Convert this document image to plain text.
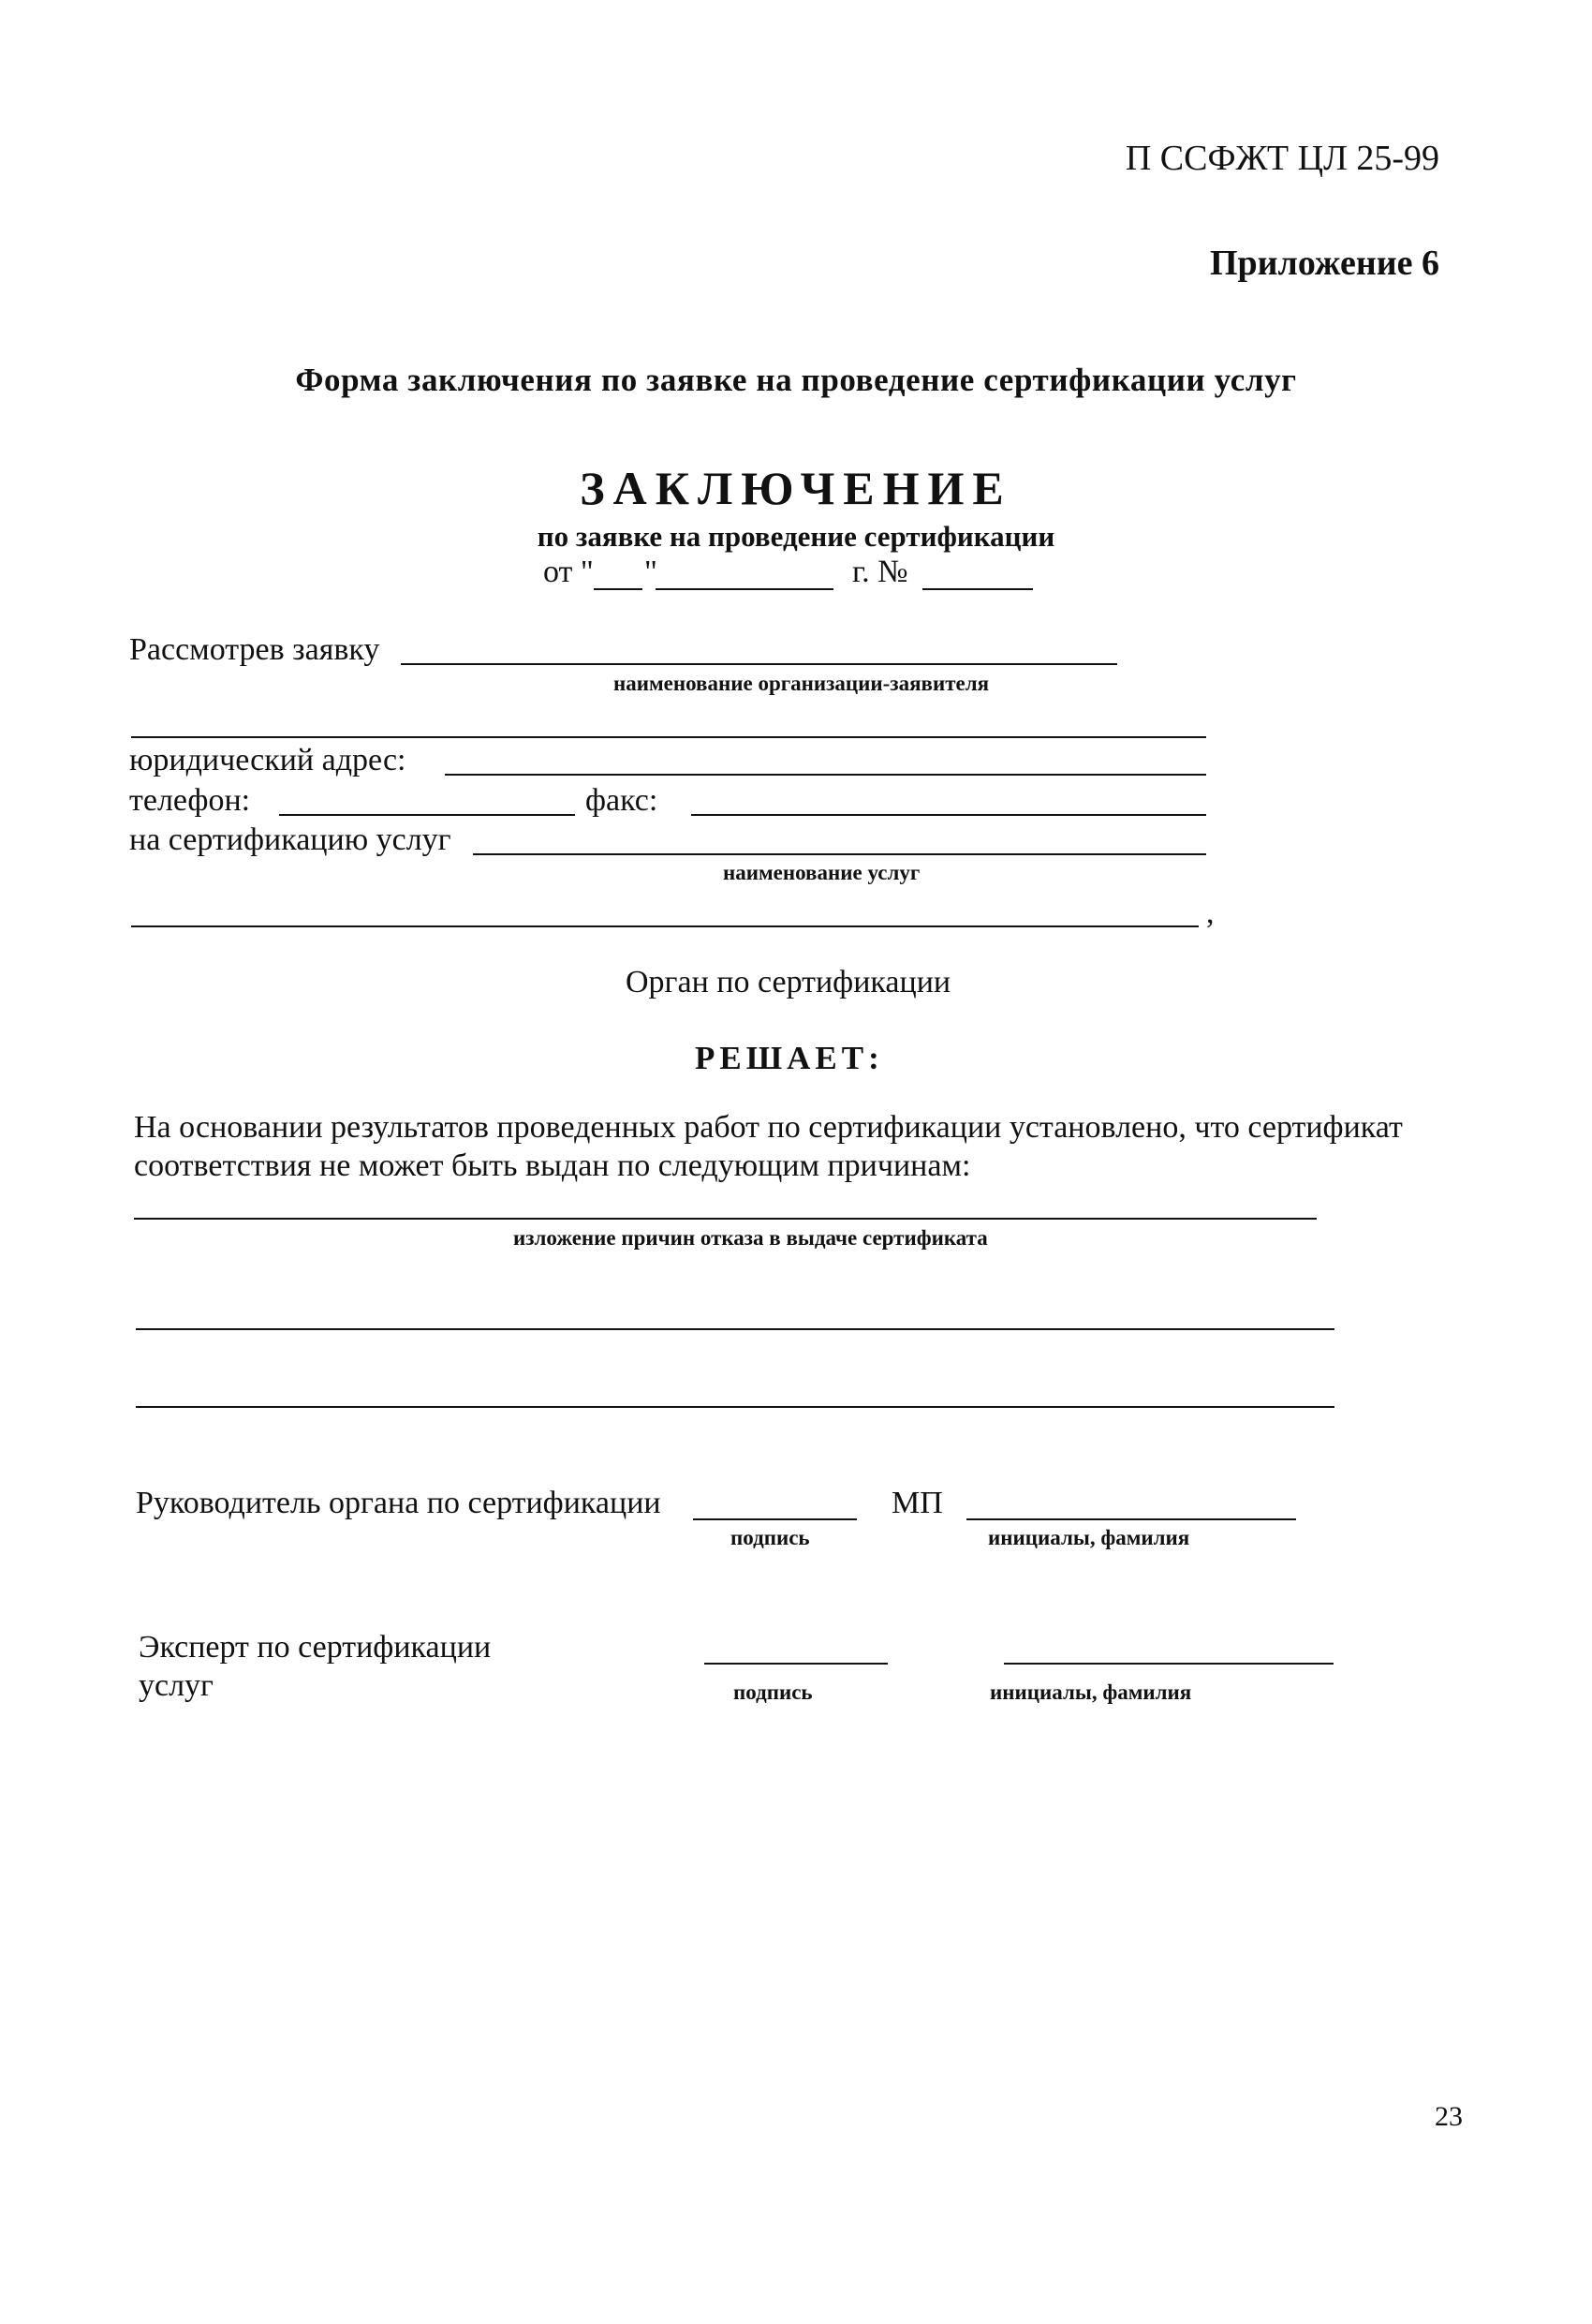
П ССФЖТ ЦЛ 25-99
Приложение 6
Форма заключения по заявке на проведение сертификации услуг
ЗАКЛЮЧЕНИЕ
по заявке на проведение сертификации
от " "	г. №
Рассмотрев заявку
наименование организации-заявителя
юридический адрес:
телефон:	факс:
на сертификацию услуг
наименование услуг
,
Орган по сертификации
РЕШАЕТ:
На основании результатов проведенных работ по сертификации установлено, что сертификат
соответствия не может быть выдан по следующим причинам:
изложение причин отказа в выдаче сертификата
Руководитель органа по сертификации	МП
подпись	инициалы, фамилия
Эксперт по сертификации
услуг	подпись	инициалы, фамилия
23
